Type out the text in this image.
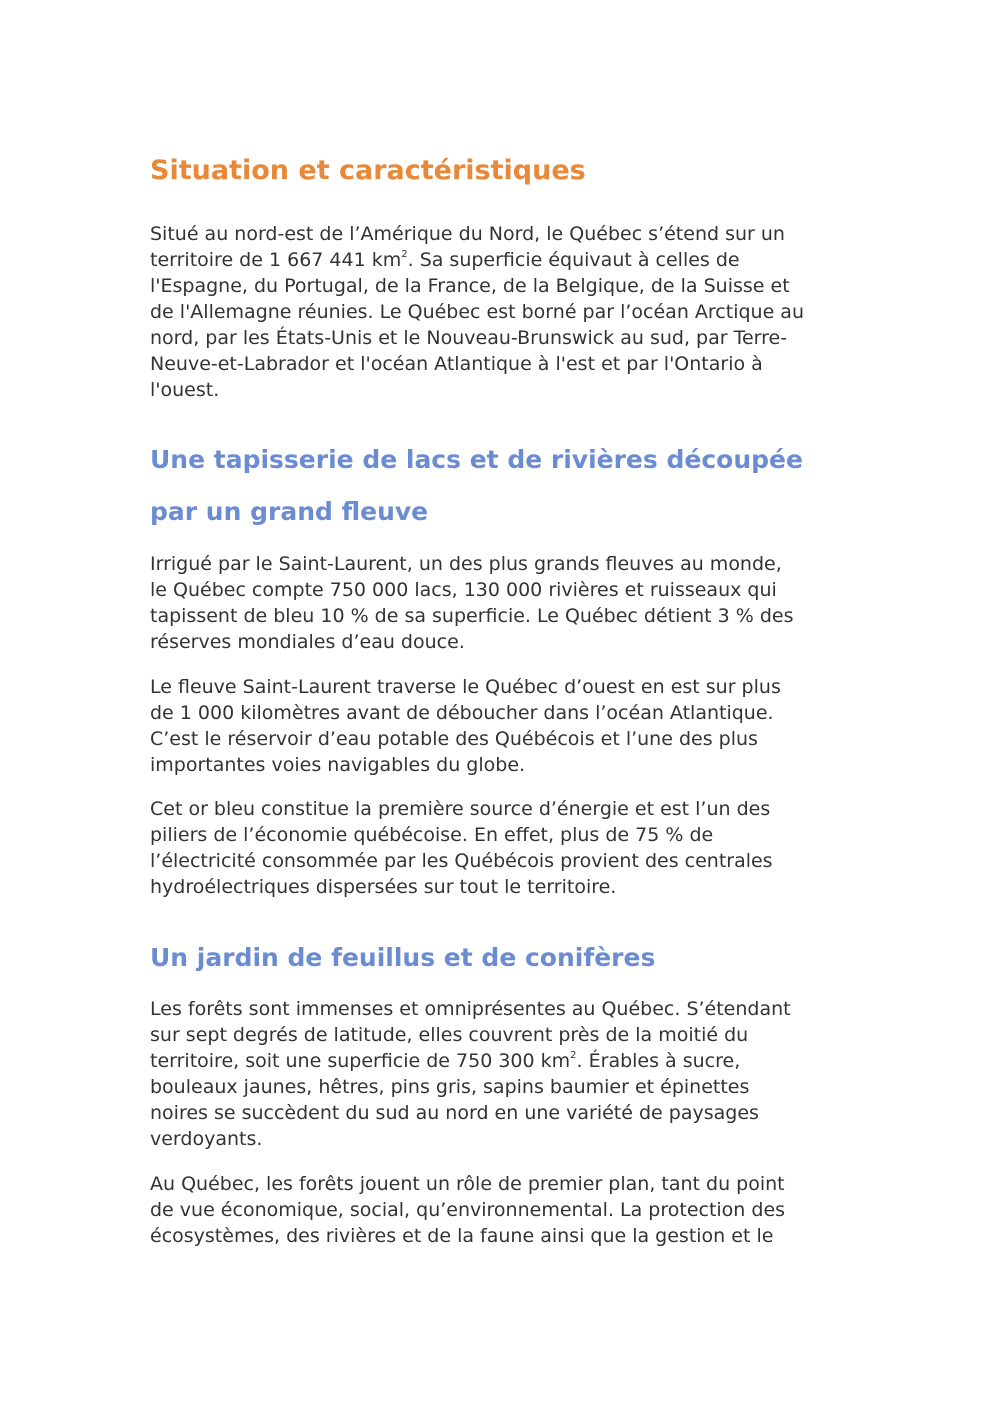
Situation et caractéristiques

Situé au nord-est de l’Amérique du Nord, le Québec s’étend sur un
territoire de 1 667 441 $km^2$. Sa superficie équivaut à celles de
l'Espagne, du Portugal, de la France, de la Belgique, de la Suisse et
de l'Allemagne réunies. Le Québec est borné par l’océan Arctique au
nord, par les États-Unis et le Nouveau-Brunswick au sud, par Terre-
Neuve-et-Labrador et l'océan Atlantique à l'est et par l'Ontario à
l'ouest.

Une tapisserie de lacs et de rivières découpée
par un grand fleuve

Irrigué par le Saint-Laurent, un des plus grands fleuves au monde,
le Québec compte 750 000 lacs, 130 000 rivières et ruisseaux qui
tapissent de bleu 10 % de sa superficie. Le Québec détient 3 % des
réserves mondiales d’eau douce.

Le fleuve Saint-Laurent traverse le Québec d’ouest en est sur plus
de 1 000 kilomètres avant de déboucher dans l’océan Atlantique.
C’est le réservoir d’eau potable des Québécois et l’une des plus
importantes voies navigables du globe.

Cet or bleu constitue la première source d’énergie et est l’un des
piliers de l’économie québécoise. En effet, plus de 75 % de
l’électricité consommée par les Québécois provient des centrales
hydroélectriques dispersées sur tout le territoire.

Un jardin de feuillus et de conifères

Les forêts sont immenses et omniprésentes au Québec. S’étendant
sur sept degrés de latitude, elles couvrent près de la moitié du
territoire, soit une superficie de 750 300 $km^2$. Érables à sucre,
bouleaux jaunes, hêtres, pins gris, sapins baumier et épinettes
noires se succèdent du sud au nord en une variété de paysages
verdoyants.

Au Québec, les forêts jouent un rôle de premier plan, tant du point
de vue économique, social, qu’environnemental. La protection des
écosystèmes, des rivières et de la faune ainsi que la gestion et le
